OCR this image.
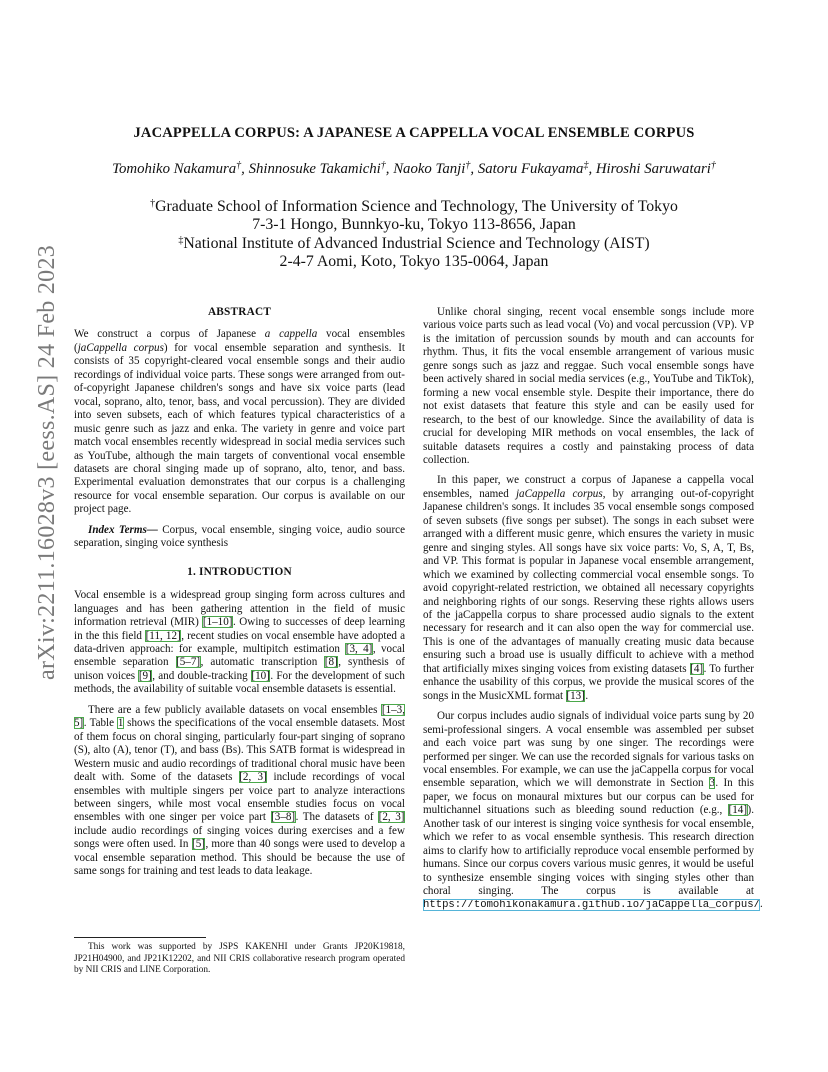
arXiv:2211.16028v3 [eess.AS] 24 Feb 2023
JACAPPELLA CORPUS: A JAPANESE A CAPPELLA VOCAL ENSEMBLE CORPUS
Tomohiko Nakamura†, Shinnosuke Takamichi†, Naoko Tanji†, Satoru Fukayama‡, Hiroshi Saruwatari†
†Graduate School of Information Science and Technology, The University of Tokyo
7-3-1 Hongo, Bunnkyo-ku, Tokyo 113-8656, Japan
‡National Institute of Advanced Industrial Science and Technology (AIST)
2-4-7 Aomi, Koto, Tokyo 135-0064, Japan
ABSTRACT

We construct a corpus of Japanese a cappella vocal ensembles (jaCappella corpus) for vocal ensemble separation and synthesis. It consists of 35 copyright-cleared vocal ensemble songs and their audio recordings of individual voice parts. These songs were arranged from out-of-copyright Japanese children's songs and have six voice parts (lead vocal, soprano, alto, tenor, bass, and vocal percussion). They are divided into seven subsets, each of which features typical characteristics of a music genre such as jazz and enka. The variety in genre and voice part match vocal ensembles recently widespread in social media services such as YouTube, although the main targets of conventional vocal ensemble datasets are choral singing made up of soprano, alto, tenor, and bass. Experimental evaluation demonstrates that our corpus is a challenging resource for vocal ensemble separation. Our corpus is available on our project page.

Index Terms— Corpus, vocal ensemble, singing voice, audio source separation, singing voice synthesis

1. INTRODUCTION

Vocal ensemble is a widespread group singing form across cultures and languages and has been gathering attention in the field of music information retrieval (MIR) [1–10]. Owing to successes of deep learning in the this field [11, 12], recent studies on vocal ensemble have adopted a data-driven approach: for example, multipitch estimation [3, 4], vocal ensemble separation [5–7], automatic transcription [8], synthesis of unison voices [9], and double-tracking [10]. For the development of such methods, the availability of suitable vocal ensemble datasets is essential.

There are a few publicly available datasets on vocal ensembles [1–3, 5]. Table 1 shows the specifications of the vocal ensemble datasets. Most of them focus on choral singing, particularly four-part singing of soprano (S), alto (A), tenor (T), and bass (Bs). This SATB format is widespread in Western music and audio recordings of traditional choral music have been dealt with. Some of the datasets [2, 3] include recordings of vocal ensembles with multiple singers per voice part to analyze interactions between singers, while most vocal ensemble studies focus on vocal ensembles with one singer per voice part [3–8]. The datasets of [2, 3] include audio recordings of singing voices during exercises and a few songs were often used. In [5], more than 40 songs were used to develop a vocal ensemble separation method. This should be because the use of same songs for training and test leads to data leakage.

Unlike choral singing, recent vocal ensemble songs include more various voice parts such as lead vocal (Vo) and vocal percussion (VP). VP is the imitation of percussion sounds by mouth and can accounts for rhythm. Thus, it fits the vocal ensemble arrangement of various music genre songs such as jazz and reggae. Such vocal ensemble songs have been actively shared in social media services (e.g., YouTube and TikTok), forming a new vocal ensemble style. Despite their importance, there do not exist datasets that feature this style and can be easily used for research, to the best of our knowledge. Since the availability of data is crucial for developing MIR methods on vocal ensembles, the lack of suitable datasets requires a costly and painstaking process of data collection.

In this paper, we construct a corpus of Japanese a cappella vocal ensembles, named jaCappella corpus, by arranging out-of-copyright Japanese children's songs. It includes 35 vocal ensemble songs composed of seven subsets (five songs per subset). The songs in each subset were arranged with a different music genre, which ensures the variety in music genre and singing styles. All songs have six voice parts: Vo, S, A, T, Bs, and VP. This format is popular in Japanese vocal ensemble arrangement, which we examined by collecting commercial vocal ensemble songs. To avoid copyright-related restriction, we obtained all necessary copyrights and neighboring rights of our songs. Reserving these rights allows users of the jaCappella corpus to share processed audio signals to the extent necessary for research and it can also open the way for commercial use. This is one of the advantages of manually creating music data because ensuring such a broad use is usually difficult to achieve with a method that artificially mixes singing voices from existing datasets [4]. To further enhance the usability of this corpus, we provide the musical scores of the songs in the MusicXML format [13].

Our corpus includes audio signals of individual voice parts sung by 20 semi-professional singers. A vocal ensemble was assembled per subset and each voice part was sung by one singer. The recordings were performed per singer. We can use the recorded signals for various tasks on vocal ensembles. For example, we can use the jaCappella corpus for vocal ensemble separation, which we will demonstrate in Section 3. In this paper, we focus on monaural mixtures but our corpus can be used for multichannel situations such as bleeding sound reduction (e.g., [14]). Another task of our interest is singing voice synthesis for vocal ensemble, which we refer to as vocal ensemble synthesis. This research direction aims to clarify how to artificially reproduce vocal ensemble performed by humans. Since our corpus covers various music genres, it would be useful to synthesize ensemble singing voices with singing styles other than choral singing. The corpus is available at https://tomohikonakamura.github.io/jaCappella_corpus/.

This work was supported by JSPS KAKENHI under Grants JP20K19818, JP21H04900, and JP21K12202, and NII CRIS collaborative research program operated by NII CRIS and LINE Corporation.
